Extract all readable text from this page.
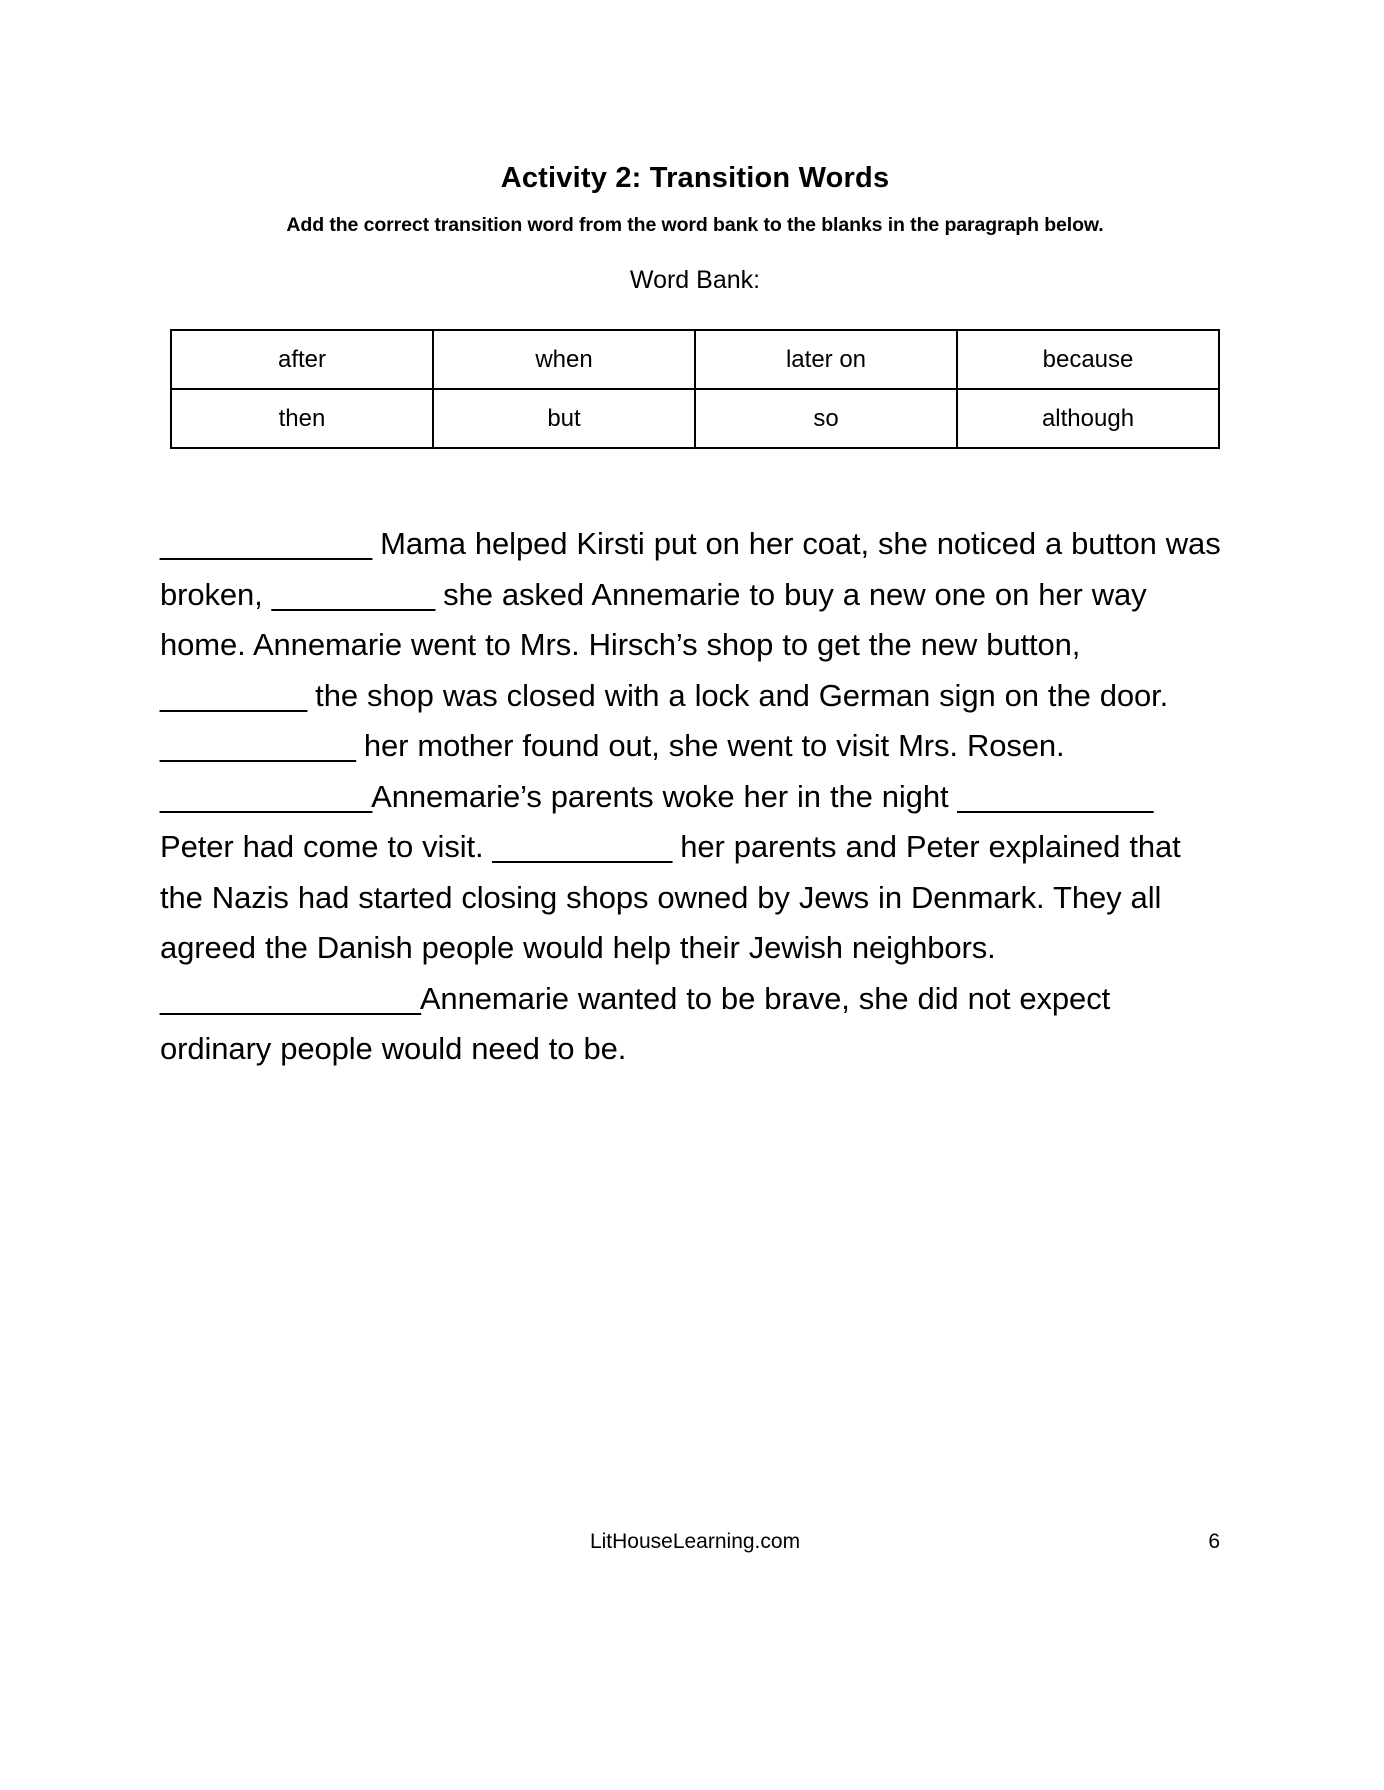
Activity 2: Transition Words

Add the correct transition word from the word bank to the blanks in the paragraph below.

Word Bank:

after	when	later on	because
then	but	so	although

_____________ Mama helped Kirsti put on her coat, she noticed a button was broken, __________ she asked Annemarie to buy a new one on her way home. Annemarie went to Mrs. Hirsch’s shop to get the new button, _________ the shop was closed with a lock and German sign on the door. ____________ her mother found out, she went to visit Mrs. Rosen. _____________Annemarie’s parents woke her in the night ____________ Peter had come to visit. ___________ her parents and Peter explained that the Nazis had started closing shops owned by Jews in Denmark. They all agreed the Danish people would help their Jewish neighbors. ________________Annemarie wanted to be brave, she did not expect ordinary people would need to be.

LitHouseLearning.com	6
